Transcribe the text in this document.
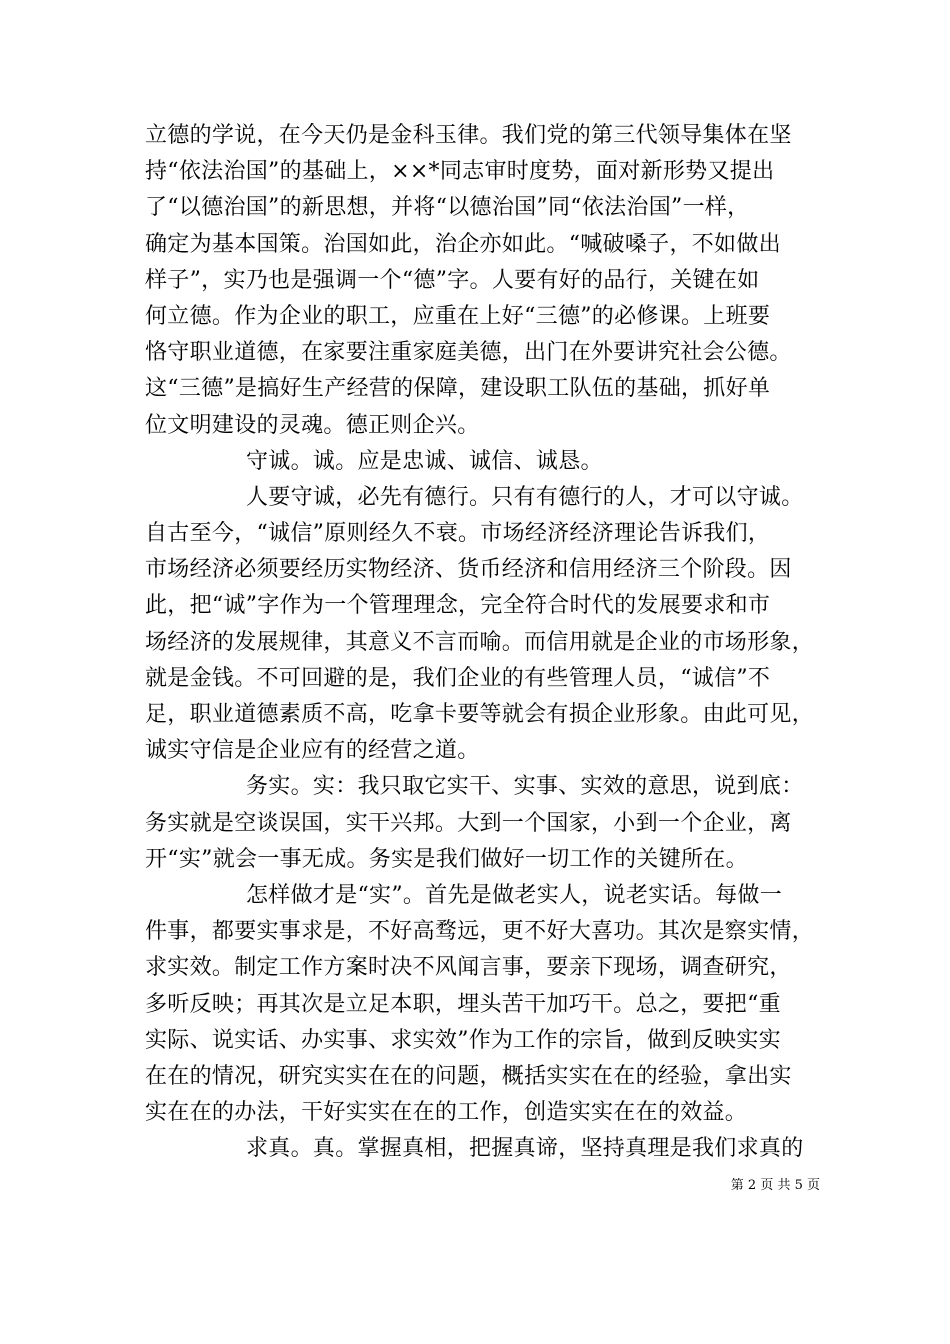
立德的学说，在今天仍是金科玉律。我们党的第三代领导集体在坚
持“依法治国”的基础上，××*同志审时度势，面对新形势又提出
了“以德治国”的新思想，并将“以德治国”同“依法治国”一样，
确定为基本国策。治国如此，治企亦如此。“喊破嗓子，不如做出
样子”，实乃也是强调一个“德”字。人要有好的品行，关键在如
何立德。作为企业的职工，应重在上好“三德”的必修课。上班要
恪守职业道德，在家要注重家庭美德，出门在外要讲究社会公德。
这“三德”是搞好生产经营的保障，建设职工队伍的基础，抓好单
位文明建设的灵魂。德正则企兴。
守诚。诚。应是忠诚、诚信、诚恳。
人要守诚，必先有德行。只有有德行的人，才可以守诚。
自古至今，“诚信”原则经久不衰。市场经济经济理论告诉我们，
市场经济必须要经历实物经济、货币经济和信用经济三个阶段。因
此，把“诚”字作为一个管理理念，完全符合时代的发展要求和市
场经济的发展规律，其意义不言而喻。而信用就是企业的市场形象，
就是金钱。不可回避的是，我们企业的有些管理人员，“诚信”不
足，职业道德素质不高，吃拿卡要等就会有损企业形象。由此可见，
诚实守信是企业应有的经营之道。
务实。实：我只取它实干、实事、实效的意思，说到底：
务实就是空谈误国，实干兴邦。大到一个国家，小到一个企业，离
开“实”就会一事无成。务实是我们做好一切工作的关键所在。
怎样做才是“实”。首先是做老实人，说老实话。每做一
件事，都要实事求是，不好高骛远，更不好大喜功。其次是察实情，
求实效。制定工作方案时决不风闻言事，要亲下现场，调查研究，
多听反映；再其次是立足本职，埋头苦干加巧干。总之，要把“重
实际、说实话、办实事、求实效”作为工作的宗旨，做到反映实实
在在的情况，研究实实在在的问题，概括实实在在的经验，拿出实
实在在的办法，干好实实在在的工作，创造实实在在的效益。
求真。真。掌握真相，把握真谛，坚持真理是我们求真的
第 2 页 共 5 页
